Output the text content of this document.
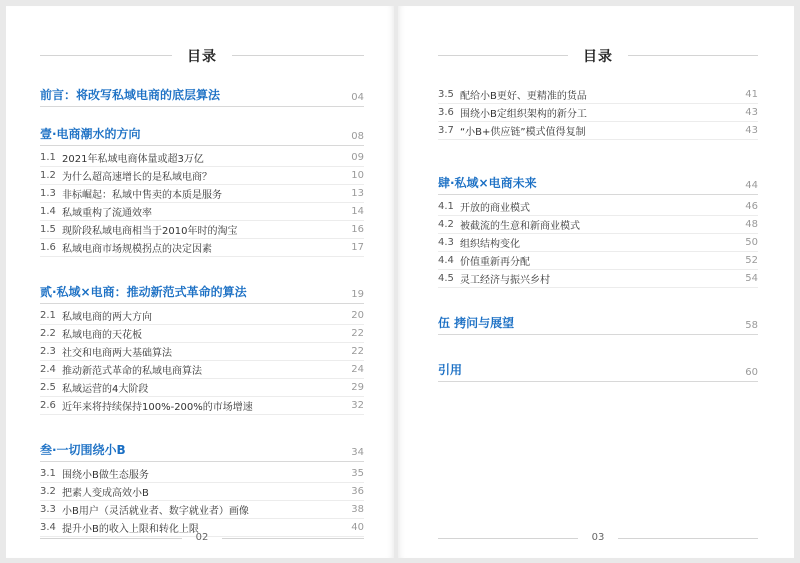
目录
前言：将改写私域电商的底层算法	04
壹·电商潮水的方向	08
1.1 2021年私域电商体量或超3万亿	09
1.2 为什么超高速增长的是私域电商？	10
1.3 非标崛起：私域中售卖的本质是服务	13
1.4 私域重构了流通效率	14
1.5 现阶段私域电商相当于2010年时的淘宝	16
1.6 私域电商市场规模拐点的决定因素	17
贰·私域×电商：推动新范式革命的算法	19
2.1 私域电商的两大方向	20
2.2 私域电商的天花板	22
2.3 社交和电商两大基础算法	22
2.4 推动新范式革命的私域电商算法	24
2.5 私域运营的4大阶段	29
2.6 近年来将持续保持100%-200%的市场增速	32
叁·一切围绕小B	34
3.1 围绕小B做生态服务	35
3.2 把素人变成高效小B	36
3.3 小B用户（灵活就业者、数字就业者）画像	38
3.4 提升小B的收入上限和转化上限	40
02
目录
3.5 配给小B更好、更精准的货品	41
3.6 围绕小B定组织架构的新分工	43
3.7 “小B+供应链”模式值得复制	43
肆·私域×电商未来	44
4.1 开放的商业模式	46
4.2 被截流的生意和新商业模式	48
4.3 组织结构变化	50
4.4 价值重新再分配	52
4.5 灵工经济与振兴乡村	54
伍 拷问与展望	58
引用	60
03
